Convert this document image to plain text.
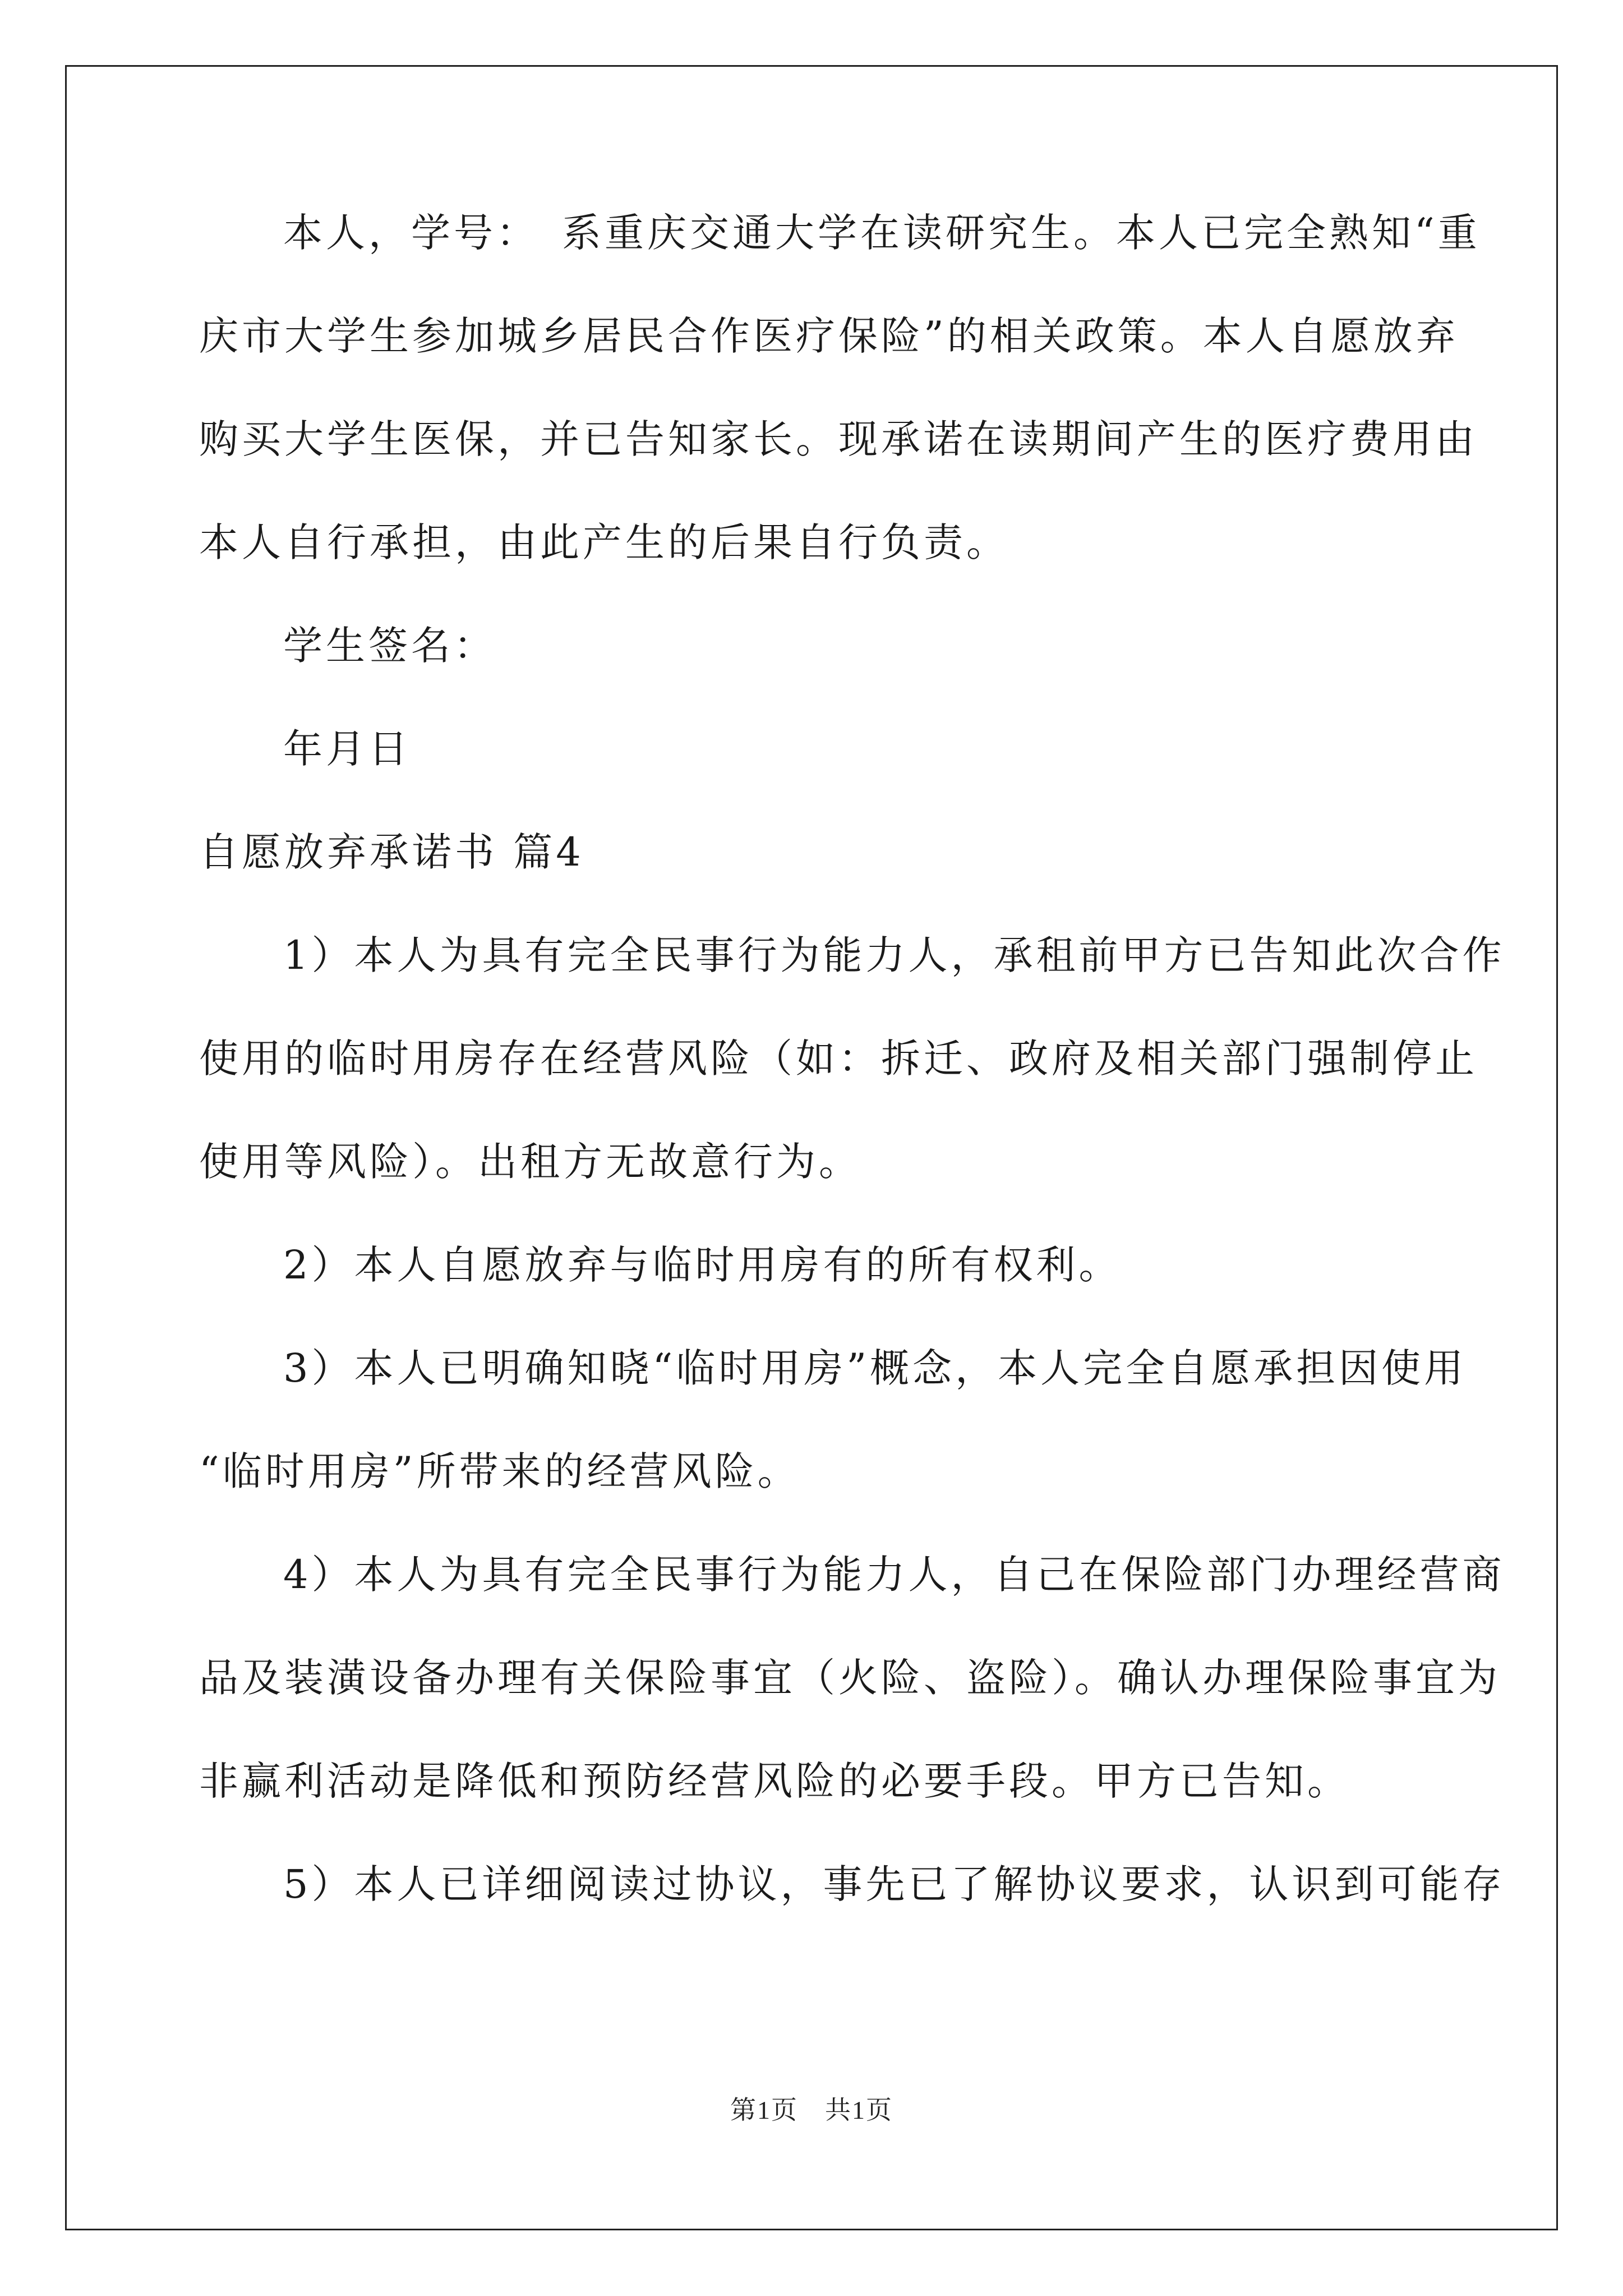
本人，学号：　系重庆交通大学在读研究生。本人已完全熟知“重
庆市大学生参加城乡居民合作医疗保险”的相关政策。本人自愿放弃
购买大学生医保，并已告知家长。现承诺在读期间产生的医疗费用由
本人自行承担，由此产生的后果自行负责。
学生签名：
年月日
自愿放弃承诺书 篇4
1）本人为具有完全民事行为能力人，承租前甲方已告知此次合作
使用的临时用房存在经营风险（如：拆迁、政府及相关部门强制停止
使用等风险）。出租方无故意行为。
2）本人自愿放弃与临时用房有的所有权利。
3）本人已明确知晓“临时用房”概念，本人完全自愿承担因使用
“临时用房”所带来的经营风险。
4）本人为具有完全民事行为能力人，自己在保险部门办理经营商
品及装潢设备办理有关保险事宜（火险、盗险）。确认办理保险事宜为
非赢利活动是降低和预防经营风险的必要手段。甲方已告知。
5）本人已详细阅读过协议，事先已了解协议要求，认识到可能存
第1页　共1页
